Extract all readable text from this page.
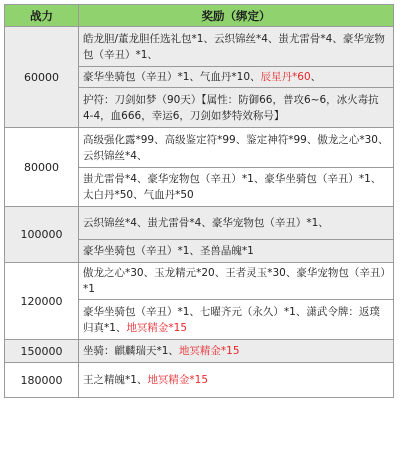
战力	奖励（绑定）
60000	皓龙胆/董龙胆任选礼包*1、云织锦丝*4、蚩尤雷骨*4、豪华宠物包（辛丑）*1、
	豪华坐骑包（辛丑）*1、气血丹*10、辰星丹*60、
	护符：刀剑如梦（90天）【属性：防御66，普攻6~6，冰火毒抗4-4，血666，幸运6，刀剑如梦特效称号】
80000	高级强化露*99、高级鉴定符*99、鉴定神符*99、傲龙之心*30、云织锦丝*4、
	蚩尤雷骨*4、豪华宠物包（辛丑）*1、豪华坐骑包（辛丑）*1、太白丹*50、气血丹*50
100000	云织锦丝*4、蚩尤雷骨*4、豪华宠物包（辛丑）*1、
	豪华坐骑包（辛丑）*1、圣兽晶魄*1
120000	傲龙之心*30、玉龙精元*20、王者灵玉*30、豪华宠物包（辛丑）*1
	豪华坐骑包（辛丑）*1、七曜齐元（永久）*1、潇武令牌：返璞归真*1、地冥精金*15
150000	坐骑：麒麟瑞天*1、地冥精金*15
180000	王之精魄*1、地冥精金*15
